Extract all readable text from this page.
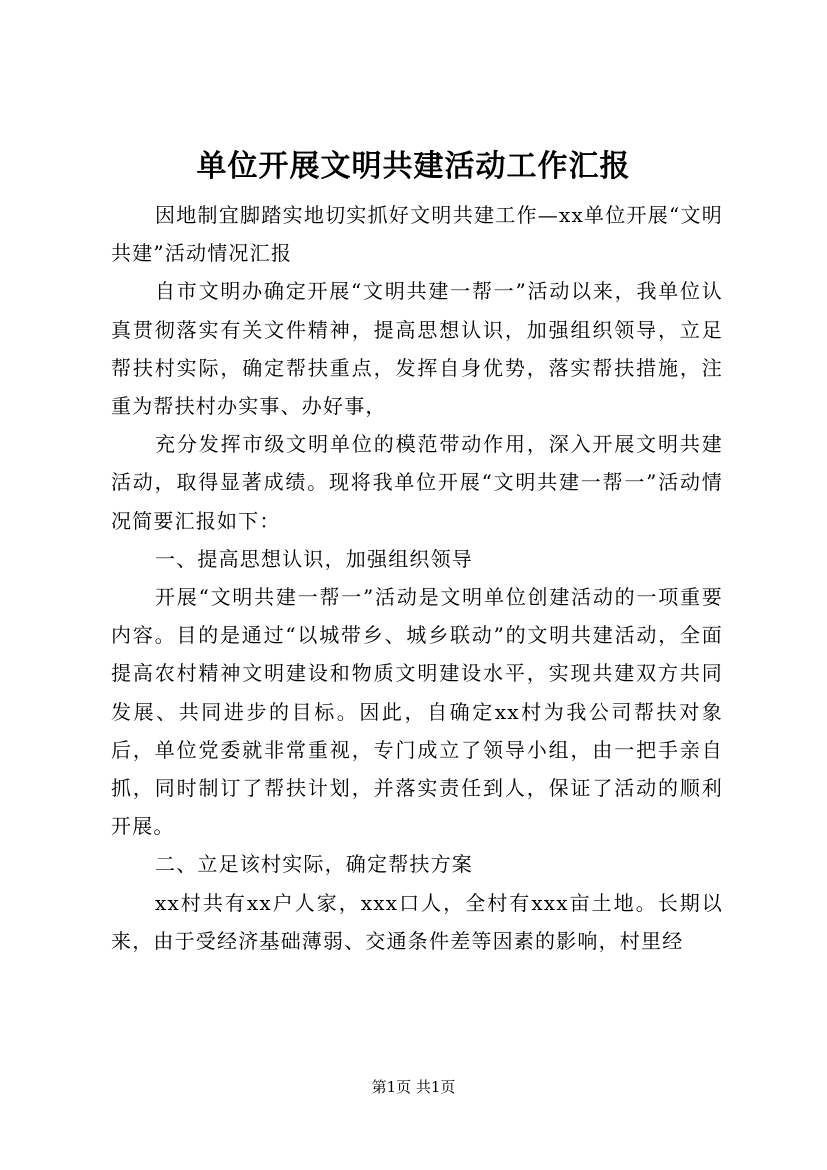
单位开展文明共建活动工作汇报

因地制宜脚踏实地切实抓好文明共建工作—xx单位开展“文明共建”活动情况汇报

自市文明办确定开展“文明共建一帮一”活动以来，我单位认真贯彻落实有关文件精神，提高思想认识，加强组织领导，立足帮扶村实际，确定帮扶重点，发挥自身优势，落实帮扶措施，注重为帮扶村办实事、办好事，

充分发挥市级文明单位的模范带动作用，深入开展文明共建活动，取得显著成绩。现将我单位开展“文明共建一帮一”活动情况简要汇报如下：

一、提高思想认识，加强组织领导

开展“文明共建一帮一”活动是文明单位创建活动的一项重要内容。目的是通过“以城带乡、城乡联动”的文明共建活动，全面提高农村精神文明建设和物质文明建设水平，实现共建双方共同发展、共同进步的目标。因此，自确定xx村为我公司帮扶对象后，单位党委就非常重视，专门成立了领导小组，由一把手亲自抓，同时制订了帮扶计划，并落实责任到人，保证了活动的顺利开展。

二、立足该村实际，确定帮扶方案

xx村共有xx户人家，xxx口人，全村有xxx亩土地。长期以来，由于受经济基础薄弱、交通条件差等因素的影响，村里经

第1页 共1页
